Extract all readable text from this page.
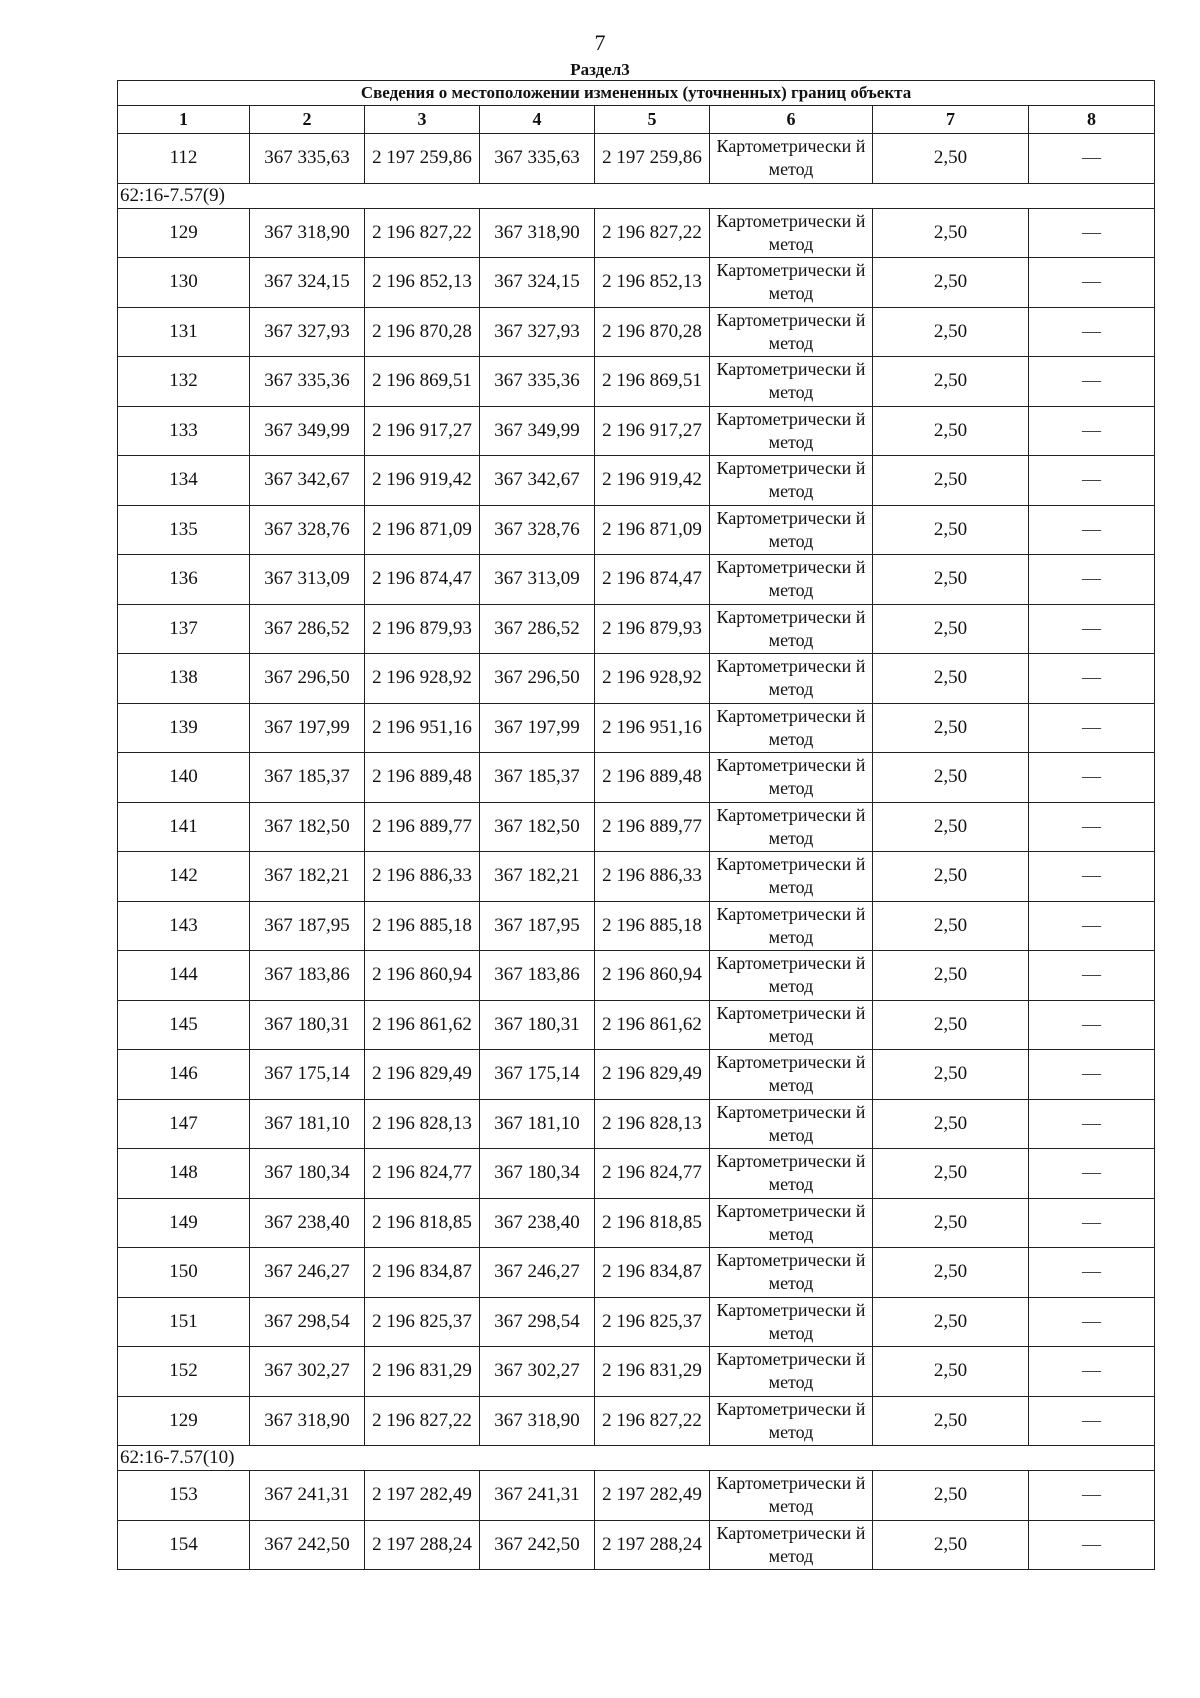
7
Раздел3
Сведения о местоположении измененных (уточненных) границ объекта							
1	2	3	4	5	6	7	8
112	367 335,63	2 197 259,86	367 335,63	2 197 259,86	Картометрически й метод	2,50	—
62:16-7.57(9)							
129	367 318,90	2 196 827,22	367 318,90	2 196 827,22	Картометрически й метод	2,50	—
130	367 324,15	2 196 852,13	367 324,15	2 196 852,13	Картометрически й метод	2,50	—
131	367 327,93	2 196 870,28	367 327,93	2 196 870,28	Картометрически й метод	2,50	—
132	367 335,36	2 196 869,51	367 335,36	2 196 869,51	Картометрически й метод	2,50	—
133	367 349,99	2 196 917,27	367 349,99	2 196 917,27	Картометрически й метод	2,50	—
134	367 342,67	2 196 919,42	367 342,67	2 196 919,42	Картометрически й метод	2,50	—
135	367 328,76	2 196 871,09	367 328,76	2 196 871,09	Картометрически й метод	2,50	—
136	367 313,09	2 196 874,47	367 313,09	2 196 874,47	Картометрически й метод	2,50	—
137	367 286,52	2 196 879,93	367 286,52	2 196 879,93	Картометрически й метод	2,50	—
138	367 296,50	2 196 928,92	367 296,50	2 196 928,92	Картометрически й метод	2,50	—
139	367 197,99	2 196 951,16	367 197,99	2 196 951,16	Картометрически й метод	2,50	—
140	367 185,37	2 196 889,48	367 185,37	2 196 889,48	Картометрически й метод	2,50	—
141	367 182,50	2 196 889,77	367 182,50	2 196 889,77	Картометрически й метод	2,50	—
142	367 182,21	2 196 886,33	367 182,21	2 196 886,33	Картометрически й метод	2,50	—
143	367 187,95	2 196 885,18	367 187,95	2 196 885,18	Картометрически й метод	2,50	—
144	367 183,86	2 196 860,94	367 183,86	2 196 860,94	Картометрически й метод	2,50	—
145	367 180,31	2 196 861,62	367 180,31	2 196 861,62	Картометрически й метод	2,50	—
146	367 175,14	2 196 829,49	367 175,14	2 196 829,49	Картометрически й метод	2,50	—
147	367 181,10	2 196 828,13	367 181,10	2 196 828,13	Картометрически й метод	2,50	—
148	367 180,34	2 196 824,77	367 180,34	2 196 824,77	Картометрически й метод	2,50	—
149	367 238,40	2 196 818,85	367 238,40	2 196 818,85	Картометрически й метод	2,50	—
150	367 246,27	2 196 834,87	367 246,27	2 196 834,87	Картометрически й метод	2,50	—
151	367 298,54	2 196 825,37	367 298,54	2 196 825,37	Картометрически й метод	2,50	—
152	367 302,27	2 196 831,29	367 302,27	2 196 831,29	Картометрически й метод	2,50	—
129	367 318,90	2 196 827,22	367 318,90	2 196 827,22	Картометрически й метод	2,50	—
62:16-7.57(10)							
153	367 241,31	2 197 282,49	367 241,31	2 197 282,49	Картометрически й метод	2,50	—
154	367 242,50	2 197 288,24	367 242,50	2 197 288,24	Картометрически й метод	2,50	—
